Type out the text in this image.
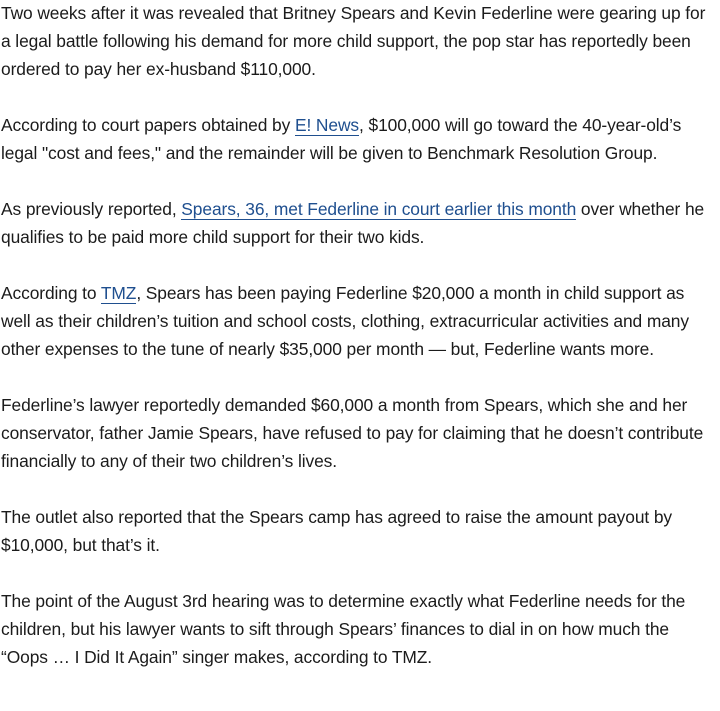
Two weeks after it was revealed that Britney Spears and Kevin Federline were gearing up for a legal battle following his demand for more child support, the pop star has reportedly been ordered to pay her ex-husband $110,000.

According to court papers obtained by E! News, $100,000 will go toward the 40-year-old’s legal "cost and fees," and the remainder will be given to Benchmark Resolution Group.

As previously reported, Spears, 36, met Federline in court earlier this month over whether he qualifies to be paid more child support for their two kids.

According to TMZ, Spears has been paying Federline $20,000 a month in child support as well as their children’s tuition and school costs, clothing, extracurricular activities and many other expenses to the tune of nearly $35,000 per month — but, Federline wants more.

Federline’s lawyer reportedly demanded $60,000 a month from Spears, which she and her conservator, father Jamie Spears, have refused to pay for claiming that he doesn’t contribute financially to any of their two children’s lives.

The outlet also reported that the Spears camp has agreed to raise the amount payout by $10,000, but that’s it.

The point of the August 3rd hearing was to determine exactly what Federline needs for the children, but his lawyer wants to sift through Spears’ finances to dial in on how much the “Oops … I Did It Again” singer makes, according to TMZ.
